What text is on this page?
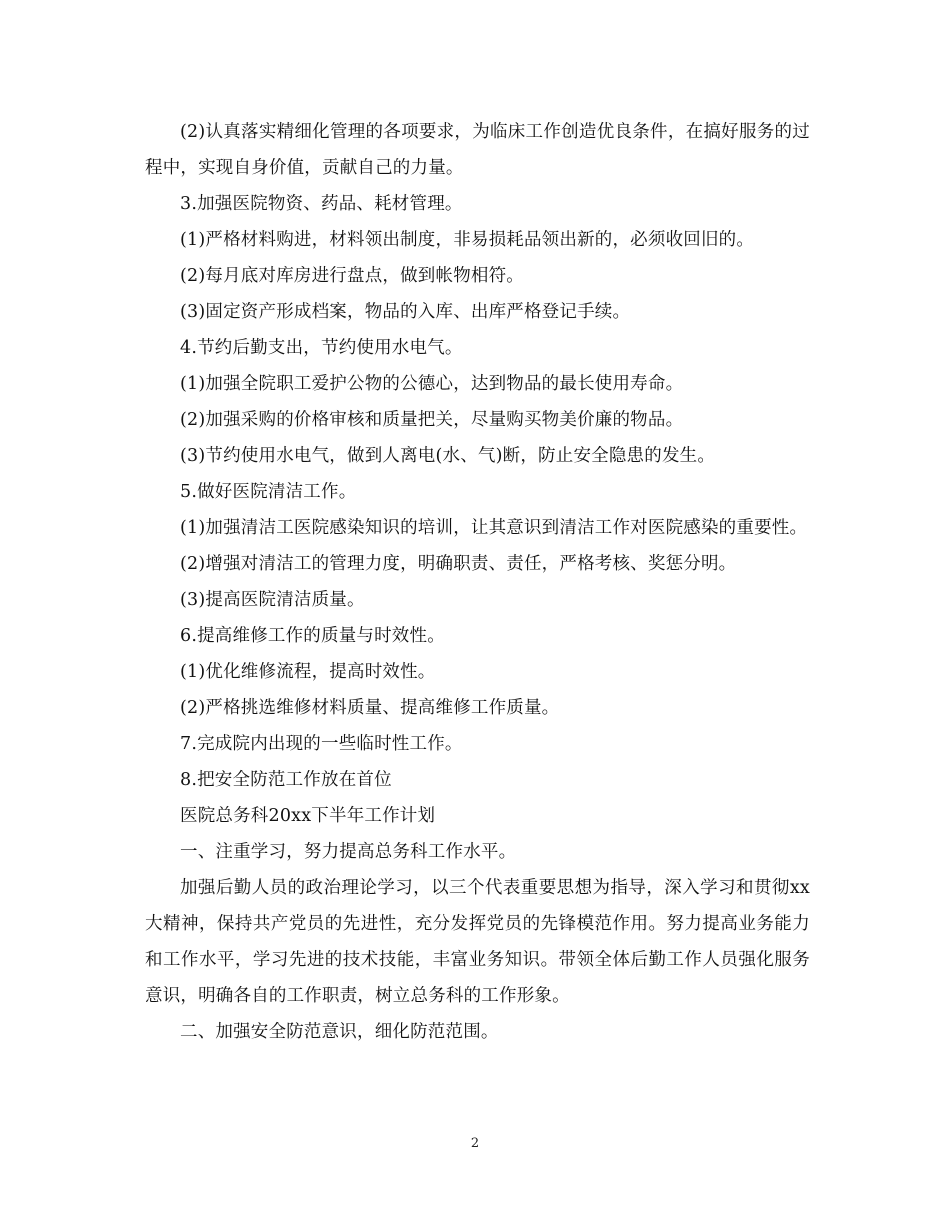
(2)认真落实精细化管理的各项要求，为临床工作创造优良条件，在搞好服务的过程中，实现自身价值，贡献自己的力量。

3.加强医院物资、药品、耗材管理。

(1)严格材料购进，材料领出制度，非易损耗品领出新的，必须收回旧的。

(2)每月底对库房进行盘点，做到帐物相符。

(3)固定资产形成档案，物品的入库、出库严格登记手续。

4.节约后勤支出，节约使用水电气。

(1)加强全院职工爱护公物的公德心，达到物品的最长使用寿命。

(2)加强采购的价格审核和质量把关，尽量购买物美价廉的物品。

(3)节约使用水电气，做到人离电(水、气)断，防止安全隐患的发生。

5.做好医院清洁工作。

(1)加强清洁工医院感染知识的培训，让其意识到清洁工作对医院感染的重要性。

(2)增强对清洁工的管理力度，明确职责、责任，严格考核、奖惩分明。

(3)提高医院清洁质量。

6.提高维修工作的质量与时效性。

(1)优化维修流程，提高时效性。

(2)严格挑选维修材料质量、提高维修工作质量。

7.完成院内出现的一些临时性工作。

8.把安全防范工作放在首位

医院总务科20xx下半年工作计划

一、注重学习，努力提高总务科工作水平。

加强后勤人员的政治理论学习，以三个代表重要思想为指导，深入学习和贯彻xx大精神，保持共产党员的先进性，充分发挥党员的先锋模范作用。努力提高业务能力和工作水平，学习先进的技术技能，丰富业务知识。带领全体后勤工作人员强化服务意识，明确各自的工作职责，树立总务科的工作形象。

二、加强安全防范意识，细化防范范围。

2
